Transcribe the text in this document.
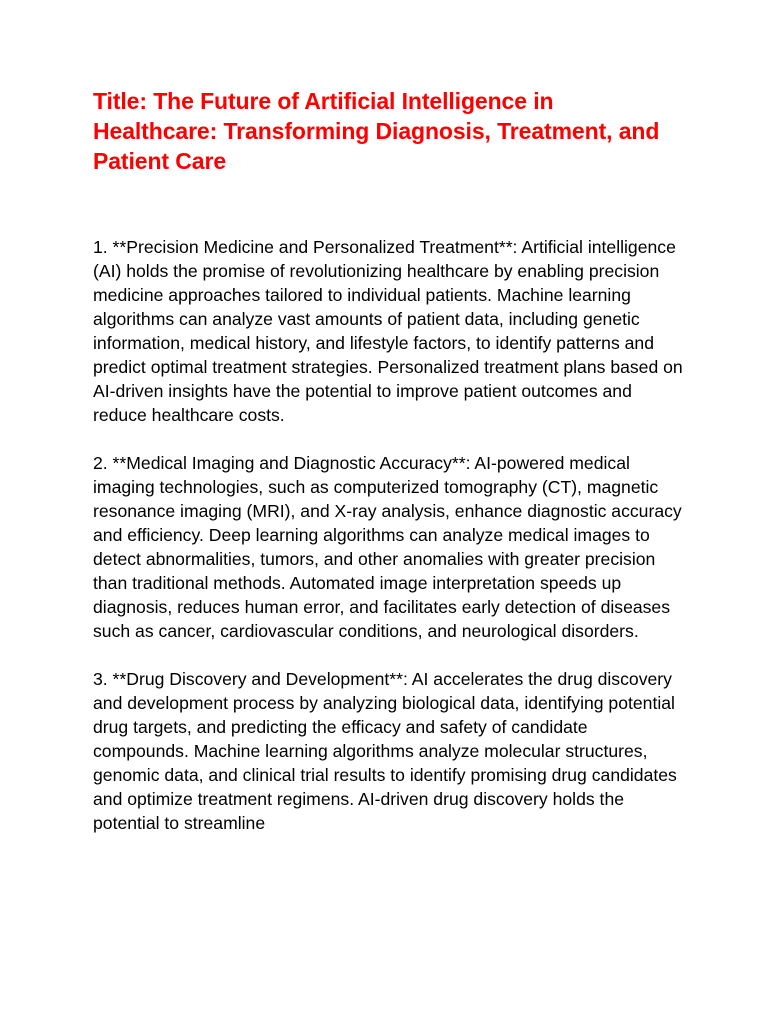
Title: The Future of Artificial Intelligence in Healthcare: Transforming Diagnosis, Treatment, and Patient Care

1. **Precision Medicine and Personalized Treatment**: Artificial intelligence (AI) holds the promise of revolutionizing healthcare by enabling precision medicine approaches tailored to individual patients. Machine learning algorithms can analyze vast amounts of patient data, including genetic information, medical history, and lifestyle factors, to identify patterns and predict optimal treatment strategies. Personalized treatment plans based on AI-driven insights have the potential to improve patient outcomes and reduce healthcare costs.

2. **Medical Imaging and Diagnostic Accuracy**: AI-powered medical imaging technologies, such as computerized tomography (CT), magnetic resonance imaging (MRI), and X-ray analysis, enhance diagnostic accuracy and efficiency. Deep learning algorithms can analyze medical images to detect abnormalities, tumors, and other anomalies with greater precision than traditional methods. Automated image interpretation speeds up diagnosis, reduces human error, and facilitates early detection of diseases such as cancer, cardiovascular conditions, and neurological disorders.

3. **Drug Discovery and Development**: AI accelerates the drug discovery and development process by analyzing biological data, identifying potential drug targets, and predicting the efficacy and safety of candidate compounds. Machine learning algorithms analyze molecular structures, genomic data, and clinical trial results to identify promising drug candidates and optimize treatment regimens. AI-driven drug discovery holds the potential to streamline
